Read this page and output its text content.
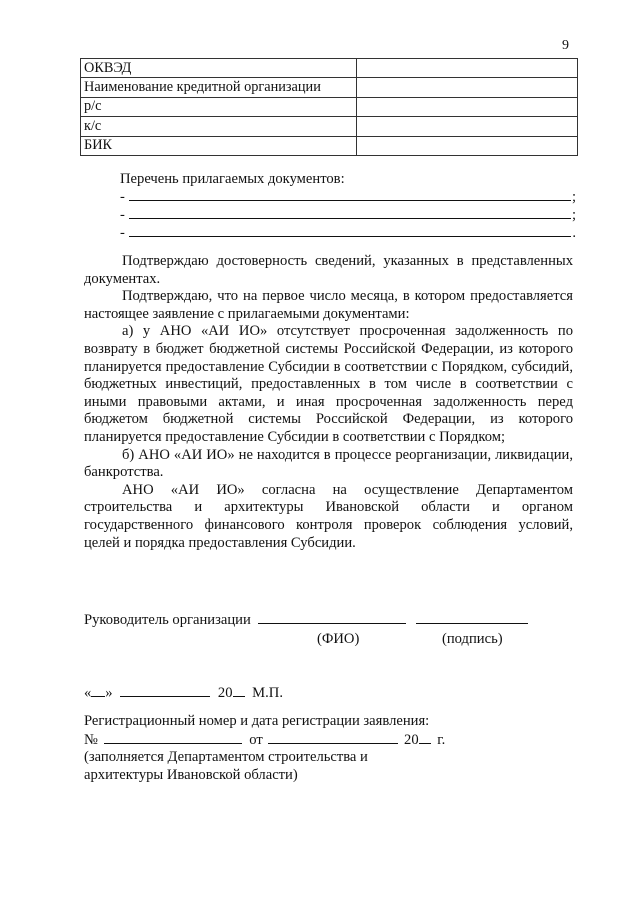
9
ОКВЭД	
Наименование кредитной организации	
р/с	
к/с	
БИК	
Перечень прилагаемых документов:
-	;
-	;
-	.

Подтверждаю достоверность сведений, указанных в представленных документах.

Подтверждаю, что на первое число месяца, в котором предоставляется настоящее заявление с прилагаемыми документами:

а) у АНО «АИ ИО» отсутствует просроченная задолженность по возврату в бюджет бюджетной системы Российской Федерации, из которого планируется предоставление Субсидии в соответствии с Порядком, субсидий, бюджетных инвестиций, предоставленных в том числе в соответствии с иными правовыми актами, и иная просроченная задолженность перед бюджетом бюджетной системы Российской Федерации, из которого планируется предоставление Субсидии в соответствии с Порядком;

б) АНО «АИ ИО» не находится в процессе реорганизации, ликвидации, банкротства.

АНО «АИ ИО» согласна на осуществление Департаментом строительства и архитектуры Ивановской области и органом государственного финансового контроля проверок соблюдения условий, целей и порядка предоставления Субсидии.

Руководитель организации
(ФИО)	(подпись)
« »	20 М.П.
Регистрационный номер и дата регистрации заявления:
№	от	20 г.
(заполняется Департаментом строительства и
архитектуры Ивановской области)
